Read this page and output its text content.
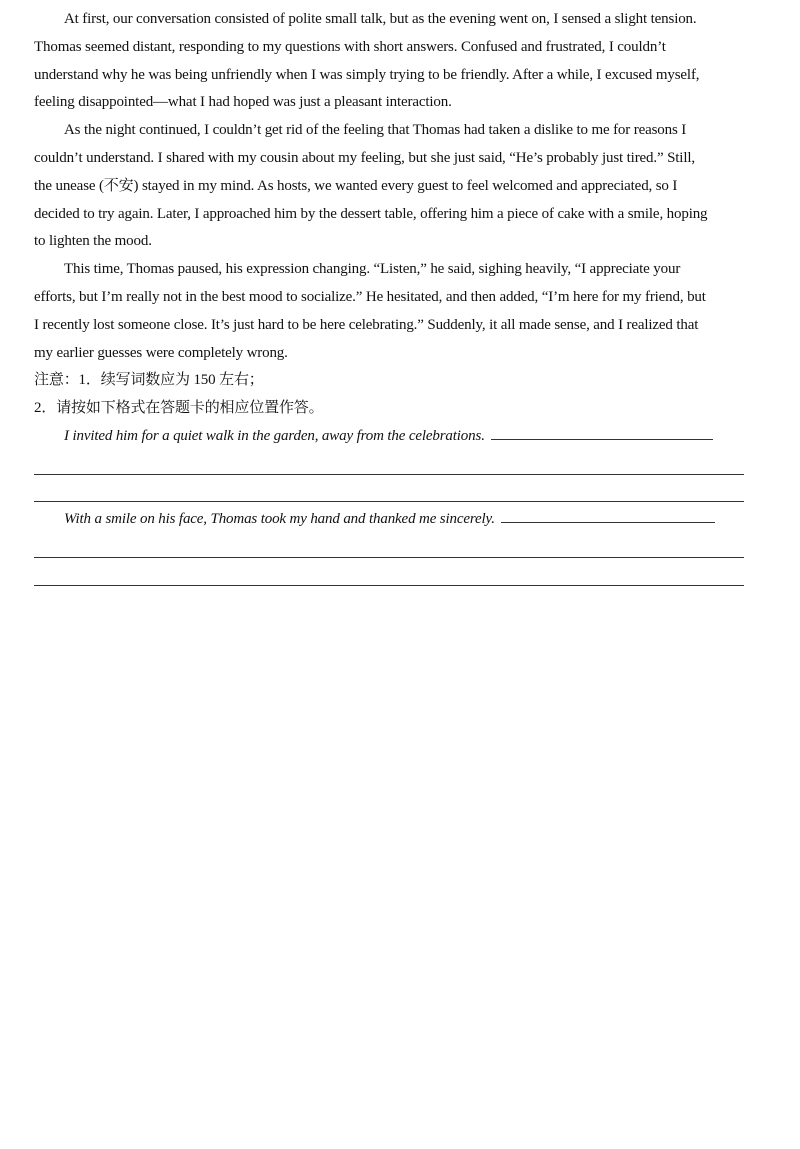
At first, our conversation consisted of polite small talk, but as the evening went on, I sensed a slight tension.
Thomas seemed distant, responding to my questions with short answers. Confused and frustrated, I couldn’t
understand why he was being unfriendly when I was simply trying to be friendly. After a while, I excused myself,
feeling disappointed—what I had hoped was just a pleasant interaction.
As the night continued, I couldn’t get rid of the feeling that Thomas had taken a dislike to me for reasons I
couldn’t understand. I shared with my cousin about my feeling, but she just said, “He’s probably just tired.” Still,
the unease (不安) stayed in my mind. As hosts, we wanted every guest to feel welcomed and appreciated, so I
decided to try again. Later, I approached him by the dessert table, offering him a piece of cake with a smile, hoping
to lighten the mood.
This time, Thomas paused, his expression changing. “Listen,” he said, sighing heavily, “I appreciate your
efforts, but I’m really not in the best mood to socialize.” He hesitated, and then added, “I’m here for my friend, but
I recently lost someone close. It’s just hard to be here celebrating.” Suddenly, it all made sense, and I realized that
my earlier guesses were completely wrong.
注意：1．续写词数应为 150 左右；
2．请按如下格式在答题卡的相应位置作答。
I invited him for a quiet walk in the garden, away from the celebrations.
With a smile on his face, Thomas took my hand and thanked me sincerely.
